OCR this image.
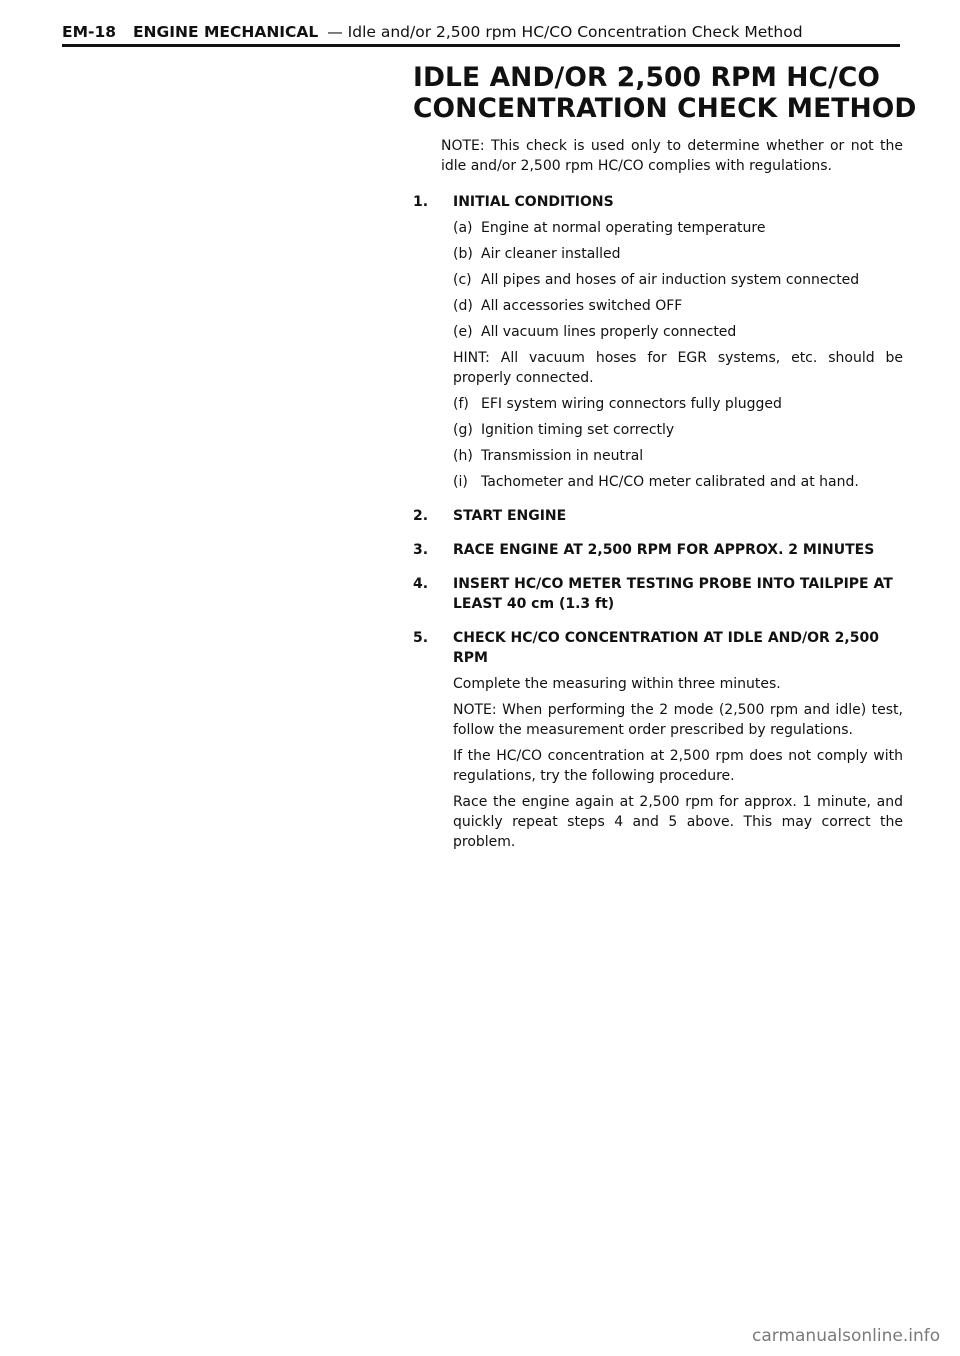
EM-18 ENGINE MECHANICAL — Idle and/or 2,500 rpm HC/CO Concentration Check Method
IDLE AND/OR 2,500 RPM HC/CO
CONCENTRATION CHECK METHOD

NOTE: This check is used only to determine whether or not the idle and/or 2,500 rpm HC/CO complies with regulations.

1. INITIAL CONDITIONS
(a) Engine at normal operating temperature

(b) Air cleaner installed

(c) All pipes and hoses of air induction system connected

(d) All accessories switched OFF

(e) All vacuum lines properly connected

HINT: All vacuum hoses for EGR systems, etc. should be properly connected.

(f) EFI system wiring connectors fully plugged

(g) Ignition timing set correctly

(h) Transmission in neutral

(i) Tachometer and HC/CO meter calibrated and at hand.

2. START ENGINE
3. RACE ENGINE AT 2,500 RPM FOR APPROX. 2 MINUTES
4. INSERT HC/CO METER TESTING PROBE INTO TAILPIPE AT LEAST 40 cm (1.3 ft)
5. CHECK HC/CO CONCENTRATION AT IDLE AND/OR 2,500 RPM

Complete the measuring within three minutes.

NOTE: When performing the 2 mode (2,500 rpm and idle) test, follow the measurement order prescribed by regulations.

If the HC/CO concentration at 2,500 rpm does not comply with regulations, try the following procedure.

Race the engine again at 2,500 rpm for approx. 1 minute, and quickly repeat steps 4 and 5 above. This may correct the problem.

carmanualsonline.info
